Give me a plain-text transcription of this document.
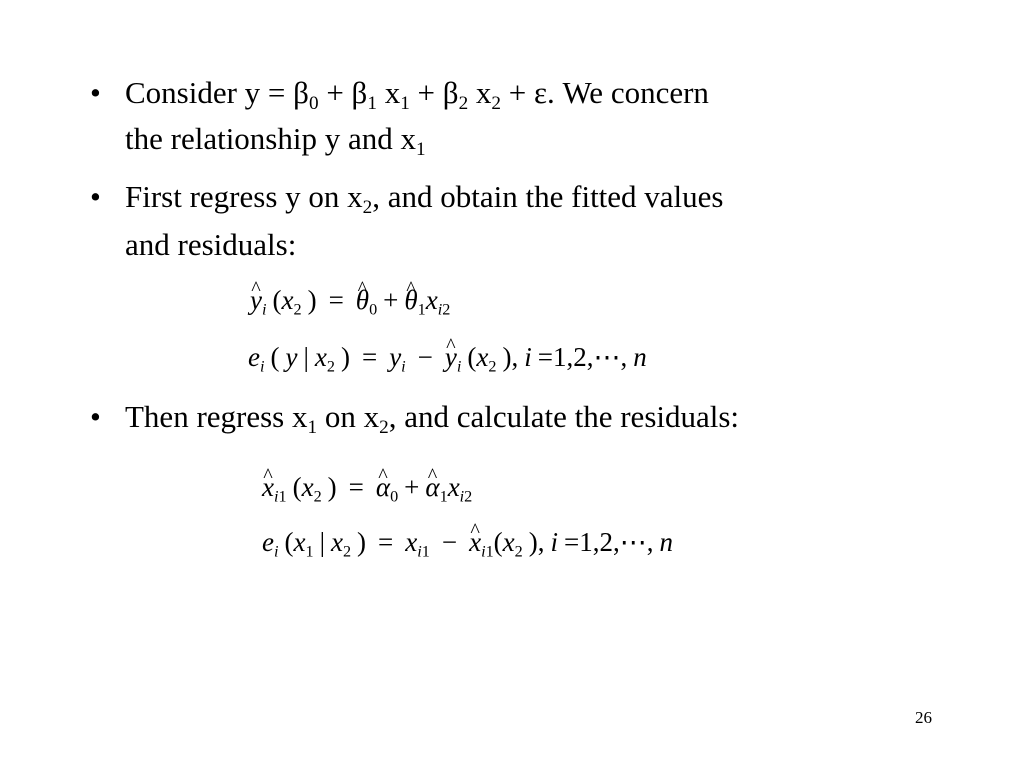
• Consider $y = \beta_0 + \beta_1$ $x_1 + \beta_2$ $x_2 + \varepsilon$. We concern
the relationship y and $x_1$
• First regress y on $x_2$, and obtain the fitted values
and residuals:
^ $y_i$ ($x_2$ ) = ^ $\theta_0$ + ^ $\theta_1x_{i2}$
$e_i$ ( y | $x_2$ ) = $y_i$ − ^ $y_i$ ($x_2$ ), i =1,2,⋯, n
• Then regress $x_1$ on $x_2$, and calculate the residuals:
^ $x_{i1}$ ($x_2$ ) = ^ $\alpha_0$ + ^ $\alpha_1x_{i2}$
$e_i$ ($x_1$ | $x_2$ ) = $x_{i1}$ − ^ $x_{i1}(x_2$ ), i =1,2,⋯, n
26
